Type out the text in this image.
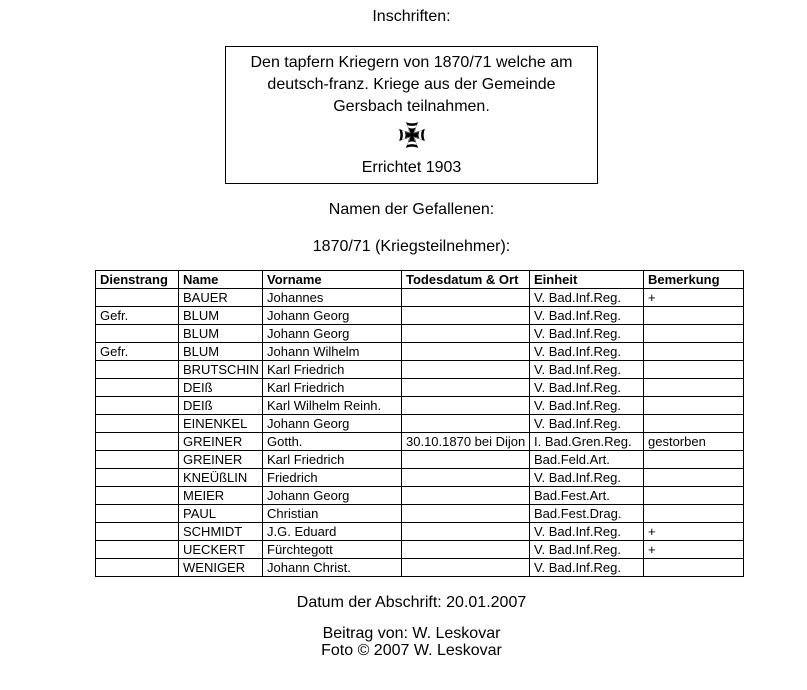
Inschriften:
Den tapfern Kriegern von 1870/71 welche am
deutsch-franz. Kriege aus der Gemeinde
Gersbach teilnahmen.
Errichtet 1903
Namen der Gefallenen:
1870/71 (Kriegsteilnehmer):
Dienstrang	Name	Vorname	Todesdatum & Ort	Einheit	Bemerkung
	BAUER	Johannes		V. Bad.Inf.Reg.	+
Gefr.	BLUM	Johann Georg		V. Bad.Inf.Reg.	
	BLUM	Johann Georg		V. Bad.Inf.Reg.	
Gefr.	BLUM	Johann Wilhelm		V. Bad.Inf.Reg.	
	BRUTSCHIN	Karl Friedrich		V. Bad.Inf.Reg.	
	DEIß	Karl Friedrich		V. Bad.Inf.Reg.	
	DEIß	Karl Wilhelm Reinh.		V. Bad.Inf.Reg.	
	EINENKEL	Johann Georg		V. Bad.Inf.Reg.	
	GREINER	Gotth.	30.10.1870 bei Dijon	I. Bad.Gren.Reg.	gestorben
	GREINER	Karl Friedrich		Bad.Feld.Art.	
	KNEÜßLIN	Friedrich		V. Bad.Inf.Reg.	
	MEIER	Johann Georg		Bad.Fest.Art.	
	PAUL	Christian		Bad.Fest.Drag.	
	SCHMIDT	J.G. Eduard		V. Bad.Inf.Reg.	+
	UECKERT	Fürchtegott		V. Bad.Inf.Reg.	+
	WENIGER	Johann Christ.		V. Bad.Inf.Reg.	
Datum der Abschrift: 20.01.2007
Beitrag von: W. Leskovar
Foto © 2007 W. Leskovar
